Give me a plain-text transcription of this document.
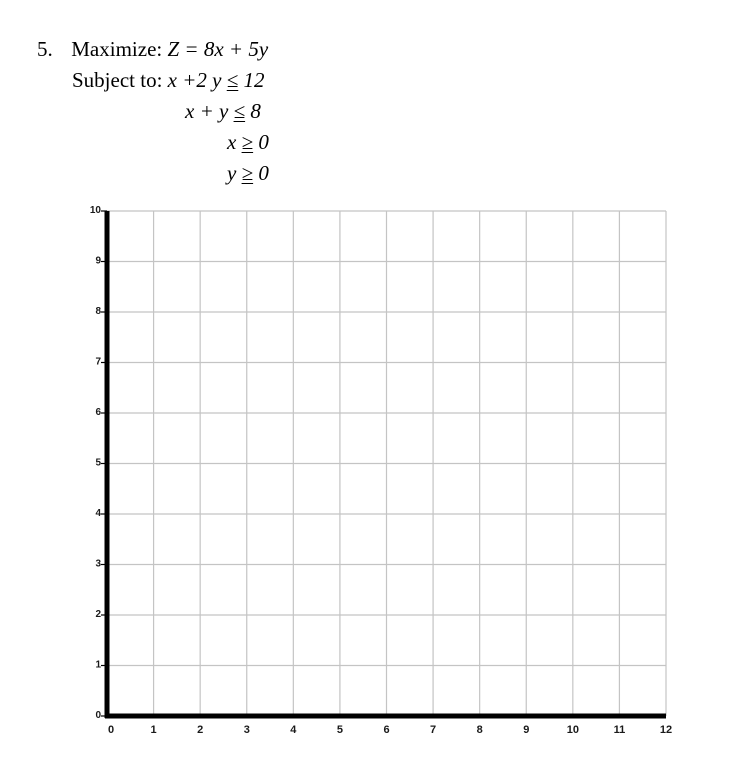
5. Maximize: Z = 8x + 5y
Subject to: x +2 y ≤ 12
x + y ≤ 8
x ≥ 0
y ≥ 0
0
1
2
3
4
5
6
7
8
9
10
0	1	2	3	4	5	6	7	8	9	10	11	12
